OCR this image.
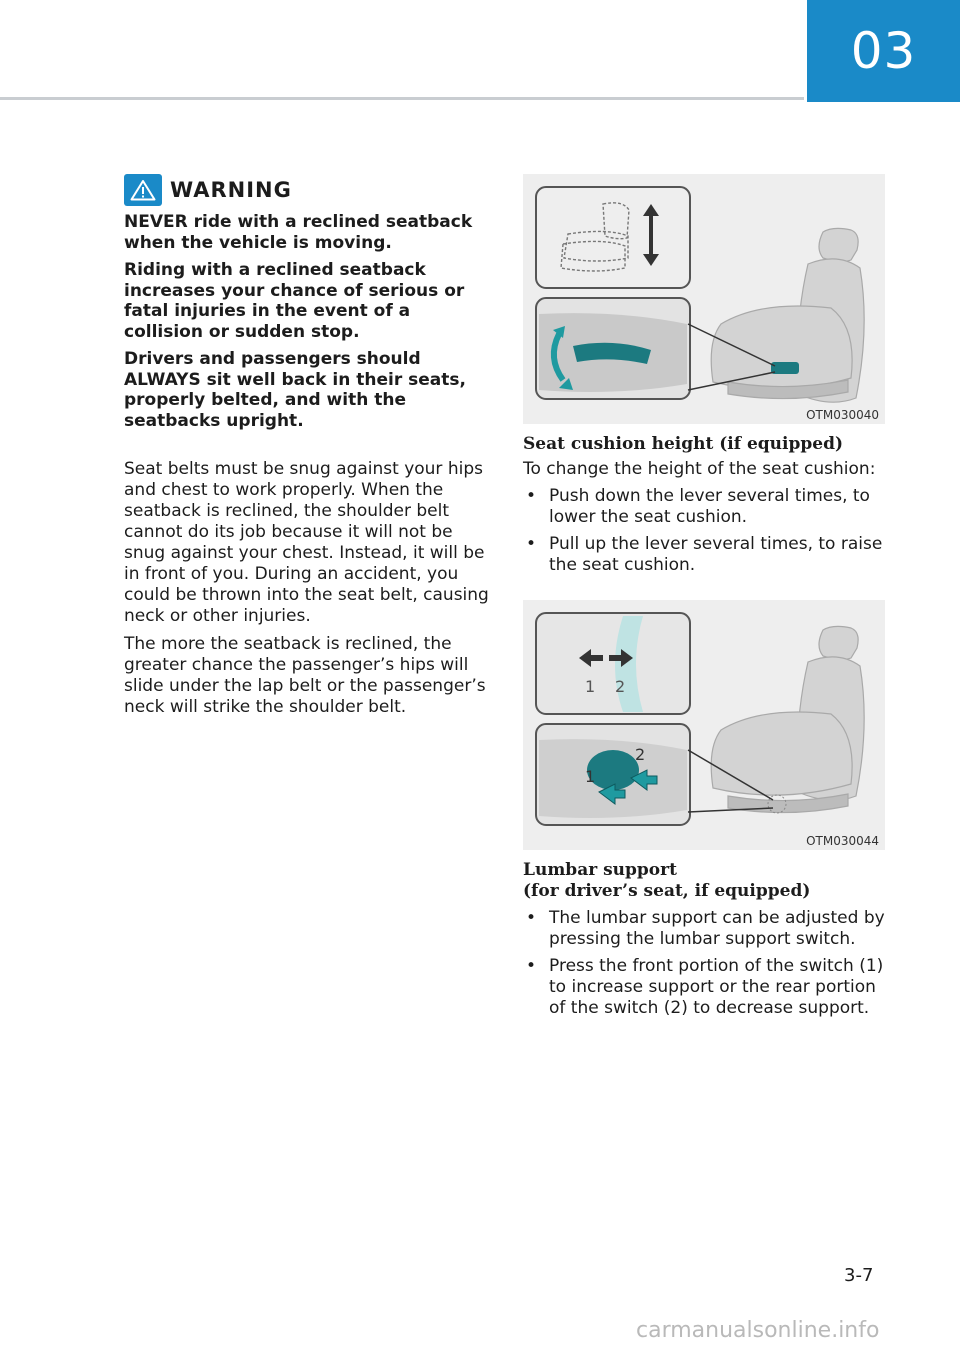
03
WARNING

NEVER ride with a reclined seatback when the vehicle is moving.

Riding with a reclined seatback increases your chance of serious or fatal injuries in the event of a collision or sudden stop.

Drivers and passengers should ALWAYS sit well back in their seats, properly belted, and with the seatbacks upright.

Seat belts must be snug against your hips and chest to work properly. When the seatback is reclined, the shoulder belt cannot do its job because it will not be snug against your chest. Instead, it will be in front of you. During an accident, you could be thrown into the seat belt, causing neck or other injuries.

The more the seatback is reclined, the greater chance the passenger’s hips will slide under the lap belt or the passenger’s neck will strike the shoulder belt.

OTM030040

Seat cushion height (if equipped)

To change the height of the seat cushion:

• Push down the lever several times, to lower the seat cushion.
• Pull up the lever several times, to raise the seat cushion.
1 2
1
2
OTM030044

Lumbar support

(for driver’s seat, if equipped)

• The lumbar support can be adjusted by pressing the lumbar support switch.
• Press the front portion of the switch (1) to increase support or the rear portion of the switch (2) to decrease support.
3-7
carmanualsonline.info
